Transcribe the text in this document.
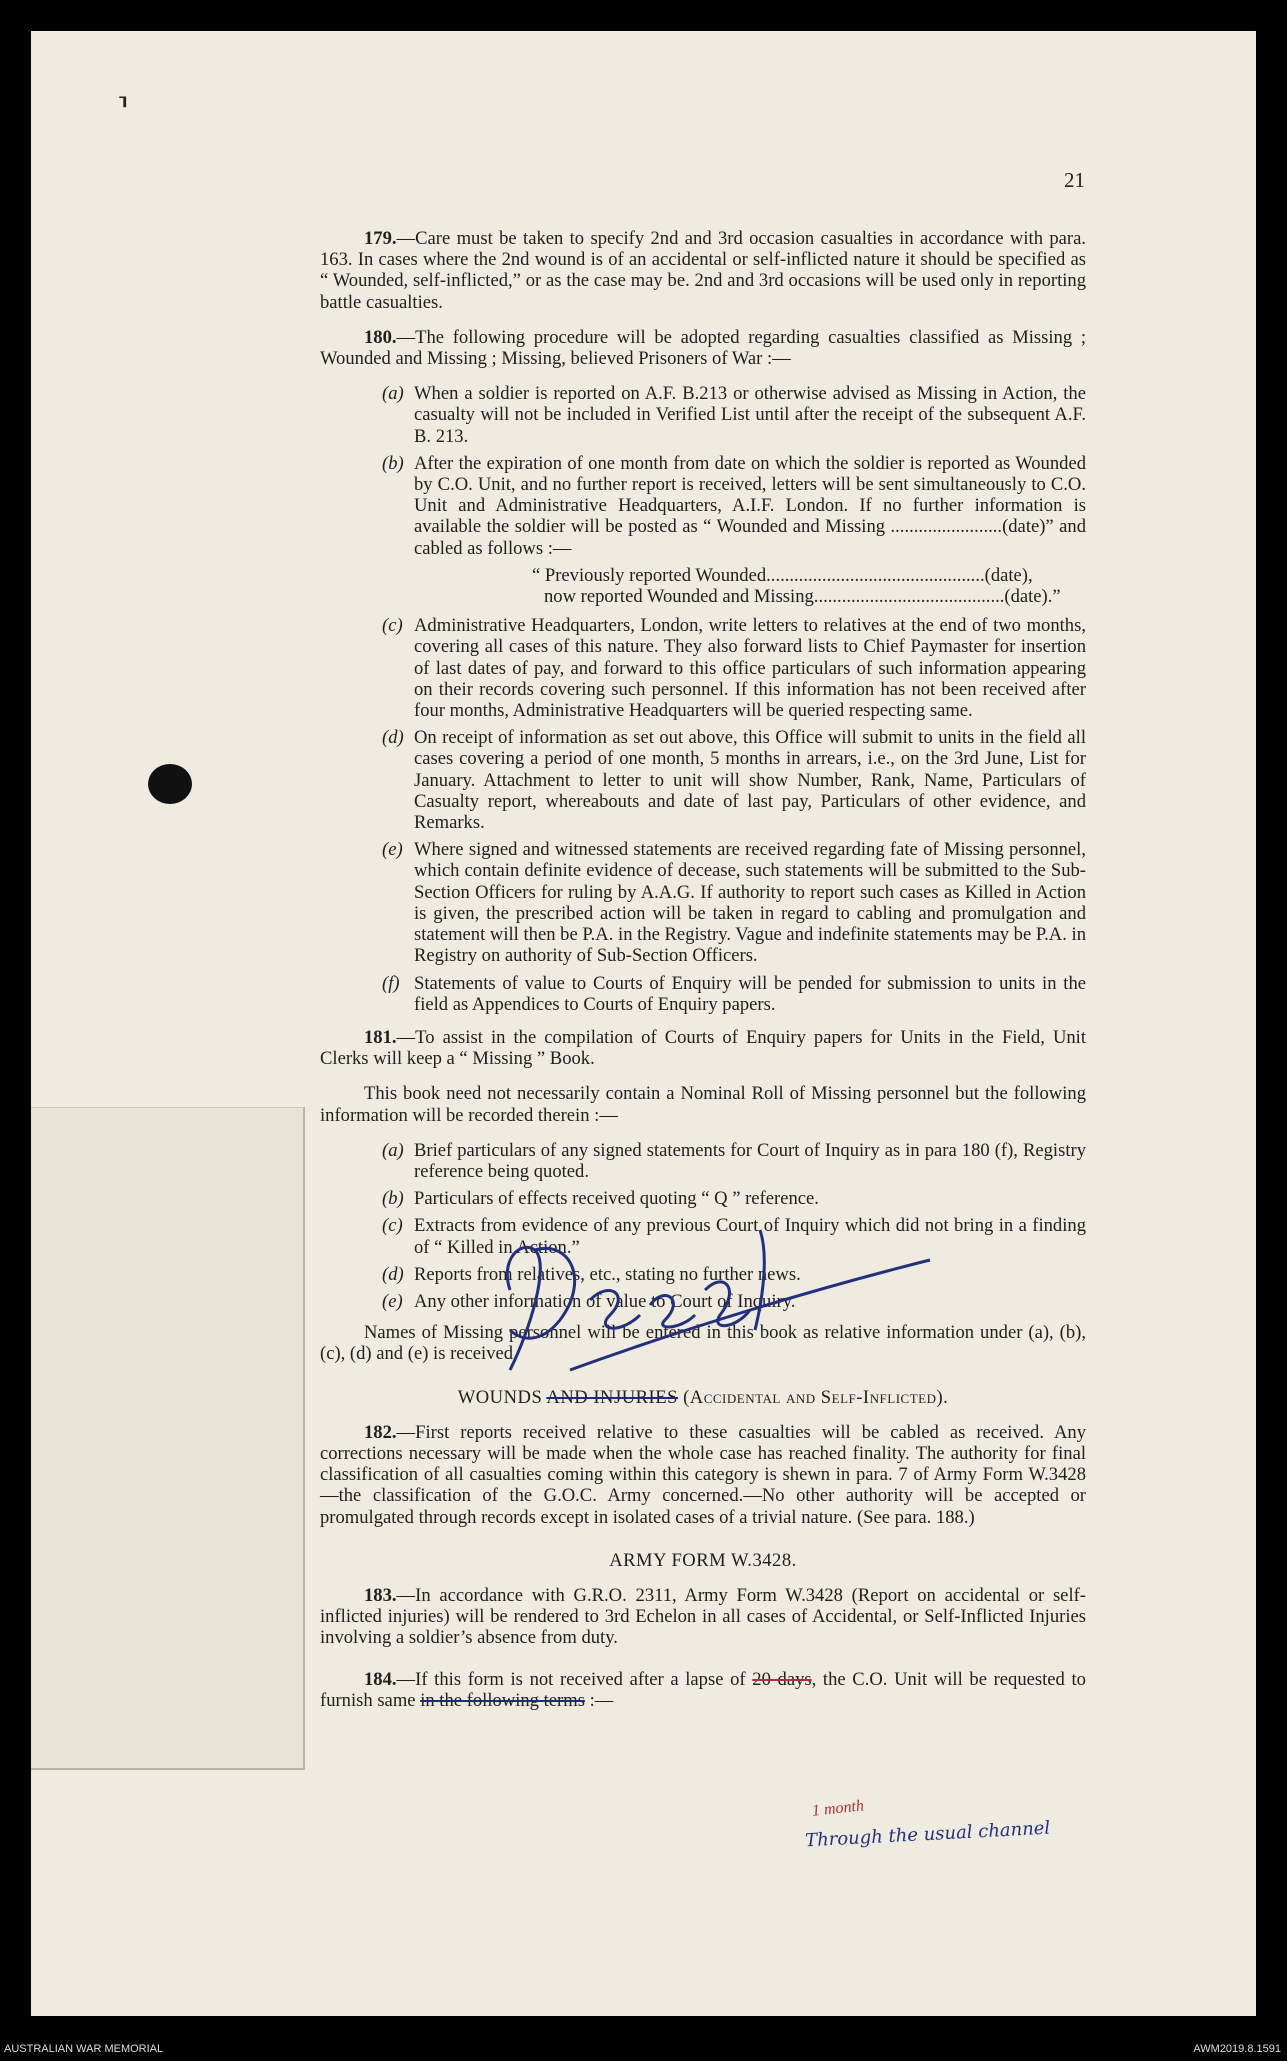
⸣
21

179.—Care must be taken to specify 2nd and 3rd occasion casualties in accordance with para. 163. In cases where the 2nd wound is of an accidental or self-inflicted nature it should be specified as “ Wounded, self-inflicted,” or as the case may be. 2nd and 3rd occasions will be used only in reporting battle casualties.

180.—The following procedure will be adopted regarding casualties classified as Missing ; Wounded and Missing ; Missing, believed Prisoners of War :—

(a) When a soldier is reported on A.F. B.213 or otherwise advised as Missing in Action, the casualty will not be included in Verified List until after the receipt of the subsequent A.F. B. 213.
(b) After the expiration of one month from date on which the soldier is reported as Wounded by C.O. Unit, and no further report is received, letters will be sent simultaneously to C.O. Unit and Administrative Headquarters, A.I.F. London. If no further information is available the soldier will be posted as “ Wounded and Missing ........................(date)” and cabled as follows :—
“ Previously reported Wounded...............................................(date),
now reported Wounded and Missing.........................................(date).”
(c) Administrative Headquarters, London, write letters to relatives at the end of two months, covering all cases of this nature. They also forward lists to Chief Paymaster for insertion of last dates of pay, and forward to this office particulars of such information appearing on their records covering such personnel. If this information has not been received after four months, Administrative Headquarters will be queried respecting same.
(d) On receipt of information as set out above, this Office will submit to units in the field all cases covering a period of one month, 5 months in arrears, i.e., on the 3rd June, List for January. Attachment to letter to unit will show Number, Rank, Name, Particulars of Casualty report, whereabouts and date of last pay, Particulars of other evidence, and Remarks.
(e) Where signed and witnessed statements are received regarding fate of Missing personnel, which contain definite evidence of decease, such statements will be submitted to the Sub-Section Officers for ruling by A.A.G. If authority to report such cases as Killed in Action is given, the prescribed action will be taken in regard to cabling and promulgation and statement will then be P.A. in the Registry. Vague and indefinite statements may be P.A. in Registry on authority of Sub-Section Officers.
(f) Statements of value to Courts of Enquiry will be pended for submission to units in the field as Appendices to Courts of Enquiry papers.

181.—To assist in the compilation of Courts of Enquiry papers for Units in the Field, Unit Clerks will keep a “ Missing ” Book.

This book need not necessarily contain a Nominal Roll of Missing personnel but the following information will be recorded therein :—

(a) Brief particulars of any signed statements for Court of Inquiry as in para 180 (f), Registry reference being quoted.
(b) Particulars of effects received quoting “ Q ” reference.
(c) Extracts from evidence of any previous Court of Inquiry which did not bring in a finding of “ Killed in Action.”
(d) Reports from relatives, etc., stating no further news.
(e) Any other information of value to Court of Inquiry.

Names of Missing personnel will be entered in this book as relative information under (a), (b), (c), (d) and (e) is received.

WOUNDS AND INJURIES (Accidental and Self-Inflicted).

182.—First reports received relative to these casualties will be cabled as received. Any corrections necessary will be made when the whole case has reached finality. The authority for final classification of all casualties coming within this category is shewn in para. 7 of Army Form W.3428—the classification of the G.O.C. Army concerned.—No other authority will be accepted or promulgated through records except in isolated cases of a trivial nature. (See para. 188.)

ARMY FORM W.3428.

183.—In accordance with G.R.O. 2311, Army Form W.3428 (Report on accidental or self-inflicted injuries) will be rendered to 3rd Echelon in all cases of Accidental, or Self-Inflicted Injuries involving a soldier’s absence from duty.

184.—If this form is not received after a lapse of 20 days, the C.O. Unit will be requested to furnish same in the following terms :—

1 month
Through the usual channel
AUSTRALIAN WAR MEMORIAL	AWM2019.8.1591
